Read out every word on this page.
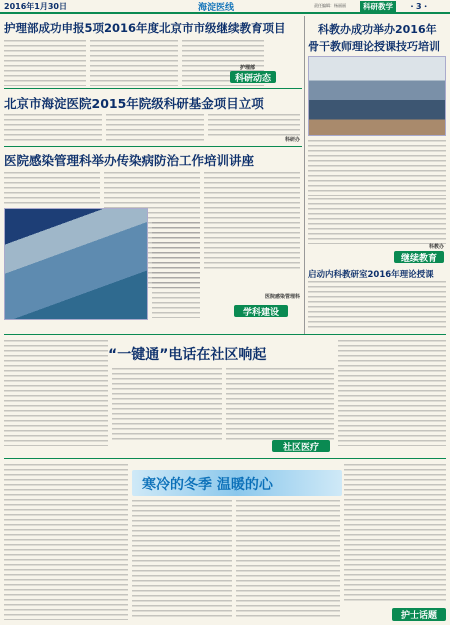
2016年1月30日	海淀医线	责任编辑：杨丽丽	科研教学	・3・
护理部成功申报5项2016年度北京市市级继续教育项目
护理部
科研动态
北京市海淀医院2015年院级科研基金项目立项
科研办
医院感染管理科举办传染病防治工作培训讲座
医院感染管理科
学科建设
科教办成功举办2016年
骨干教师理论授课技巧培训
科教办
继续教育
启动内科教研室2016年理论授课
“一键通”电话在社区响起
社区医疗
寒冷的冬季 温暖的心
护士话题
